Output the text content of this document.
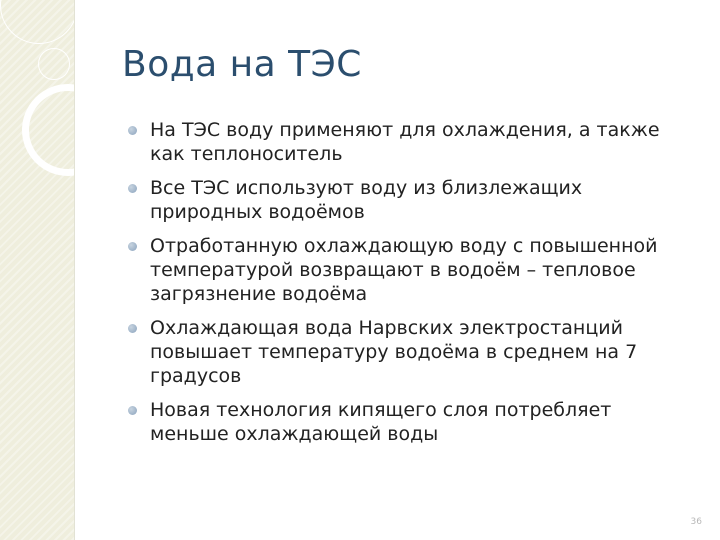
Вода на ТЭС
На ТЭС воду применяют для охлаждения, а также как теплоноситель
Все ТЭС используют воду из близлежащих природных водоёмов
Отработанную охлаждающую воду с повышенной температурой возвращают в водоём – тепловое загрязнение водоёма
Охлаждающая вода Нарвских электростанций повышает температуру водоёма в среднем на 7 градусов
Новая технология кипящего слоя потребляет меньше охлаждающей воды
36
